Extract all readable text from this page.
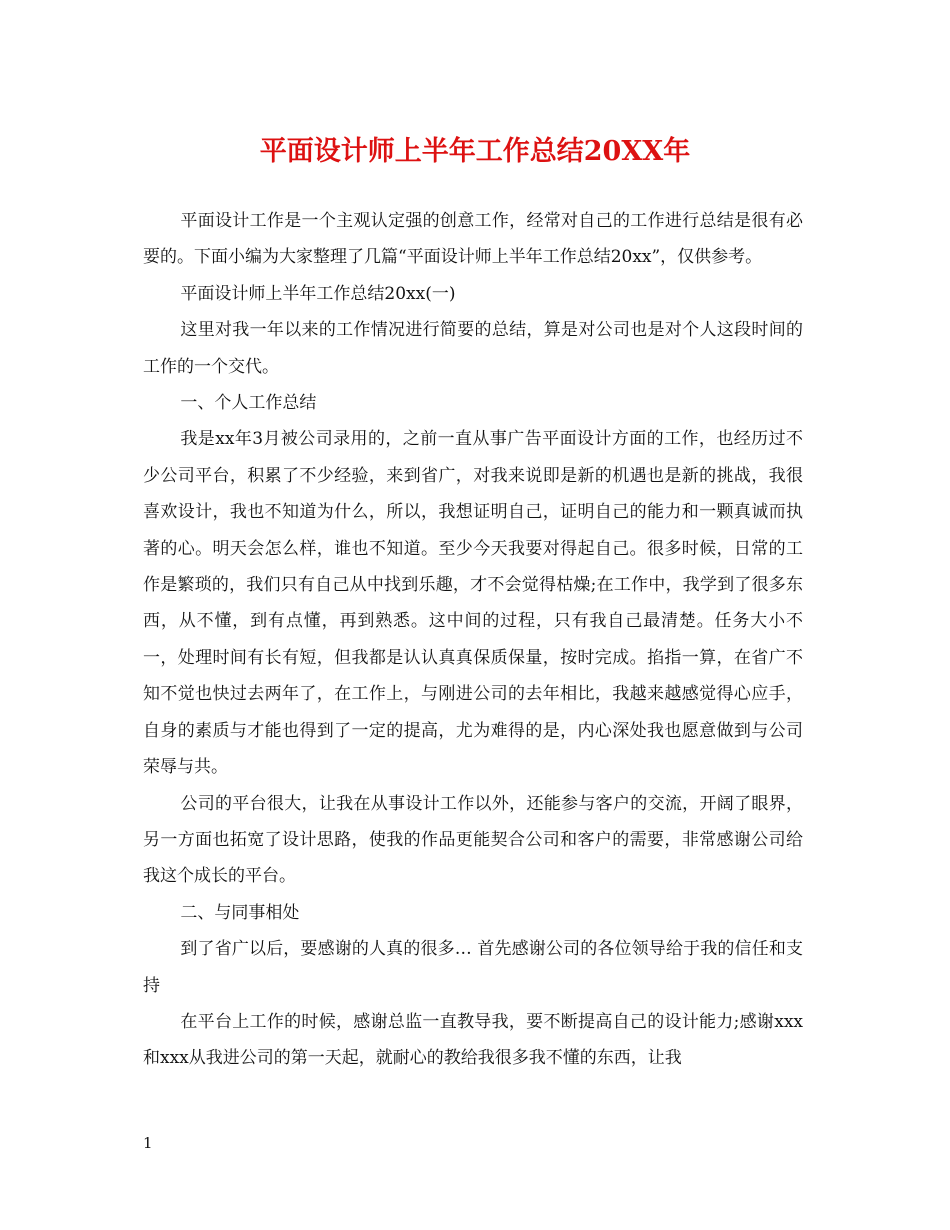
平面设计师上半年工作总结20XX年

平面设计工作是一个主观认定强的创意工作，经常对自己的工作进行总结是很有必要的。下面小编为大家整理了几篇“平面设计师上半年工作总结20xx”，仅供参考。

平面设计师上半年工作总结20xx(一)

这里对我一年以来的工作情况进行简要的总结，算是对公司也是对个人这段时间的工作的一个交代。

一、个人工作总结

我是xx年3月被公司录用的，之前一直从事广告平面设计方面的工作，也经历过不少公司平台，积累了不少经验，来到省广，对我来说即是新的机遇也是新的挑战，我很喜欢设计，我也不知道为什么，所以，我想证明自己，证明自己的能力和一颗真诚而执著的心。明天会怎么样，谁也不知道。至少今天我要对得起自己。很多时候，日常的工作是繁琐的，我们只有自己从中找到乐趣，才不会觉得枯燥;在工作中，我学到了很多东西，从不懂，到有点懂，再到熟悉。这中间的过程，只有我自己最清楚。任务大小不一，处理时间有长有短，但我都是认认真真保质保量，按时完成。掐指一算，在省广不知不觉也快过去两年了，在工作上，与刚进公司的去年相比，我越来越感觉得心应手，自身的素质与才能也得到了一定的提高，尤为难得的是，内心深处我也愿意做到与公司荣辱与共。

公司的平台很大，让我在从事设计工作以外，还能参与客户的交流，开阔了眼界，另一方面也拓宽了设计思路，使我的作品更能契合公司和客户的需要，非常感谢公司给我这个成长的平台。

二、与同事相处

到了省广以后，要感谢的人真的很多… 首先感谢公司的各位领导给于我的信任和支持

在平台上工作的时候，感谢总监一直教导我，要不断提高自己的设计能力;感谢xxx和xxx从我进公司的第一天起，就耐心的教给我很多我不懂的东西，让我

1
